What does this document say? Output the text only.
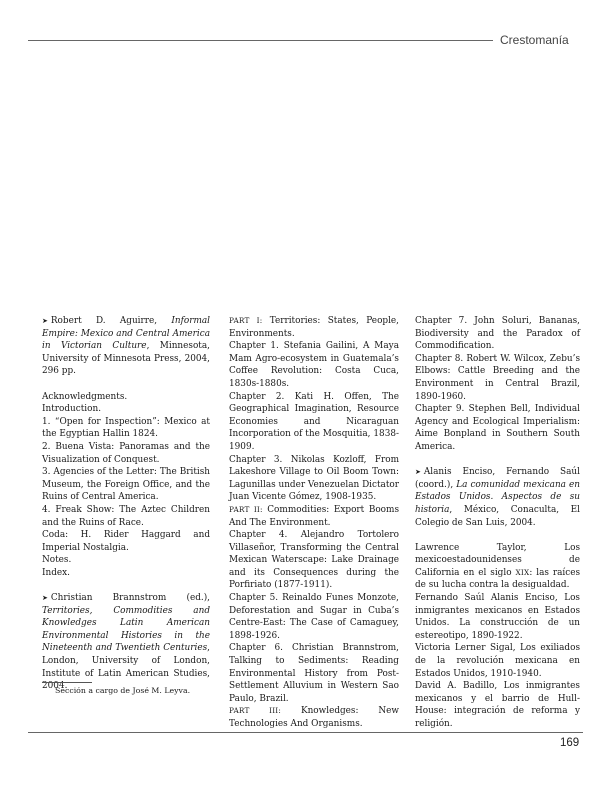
Crestomanía

➤ Robert D. Aguirre, Informal Empire: Mexico and Central America in Victorian Culture, Minnesota, University of Minnesota Press, 2004, 296 pp.

Acknowledgments.

Introduction.

1. “Open for Inspection”: Mexico at the Egyptian Hallin 1824.

2. Buena Vista: Panoramas and the Visualization of Conquest.

3. Agencies of the Letter: The British Museum, the Foreign Office, and the Ruins of Central America.

4. Freak Show: The Aztec Children and the Ruins of Race.

Coda: H. Rider Haggard and Imperial Nostalgia.

Notes.

Index.

➤ Christian Brannstrom (ed.), Territories, Commodities and Knowledges Latin American Environmental Histories in the Nineteenth and Twentieth Centuries, London, University of London, Institute of Latin American Studies, 2004.

PART I: Territories: States, People, Environments.

Chapter 1. Stefania Gailini, A Maya Mam Agro-ecosystem in Guatemala’s Coffee Revolution: Costa Cuca, 1830s-1880s.

Chapter 2. Kati H. Offen, The Geographical Imagination, Resource Economies and Nicaraguan Incorporation of the Mosquitia, 1838-1909.

Chapter 3. Nikolas Kozloff, From Lakeshore Village to Oil Boom Town: Lagunillas under Venezuelan Dictator Juan Vicente Gómez, 1908-1935.

PART II: Commodities: Export Booms And The Environment.

Chapter 4. Alejandro Tortolero Villaseñor, Transforming the Central Mexican Waterscape: Lake Drainage and its Consequences during the Porfiriato (1877-1911).

Chapter 5. Reinaldo Funes Monzote, Deforestation and Sugar in Cuba’s Centre-East: The Case of Camaguey, 1898-1926.

Chapter 6. Christian Brannstrom, Talking to Sediments: Reading Environmental History from Post-Settlement Alluvium in Western Sao Paulo, Brazil.

PART III: Knowledges: New Technologies And Organisms.

Chapter 7. John Soluri, Bananas, Biodiversity and the Paradox of Commodification.

Chapter 8. Robert W. Wilcox, Zebu’s Elbows: Cattle Breeding and the Environment in Central Brazil, 1890-1960.

Chapter 9. Stephen Bell, Individual Agency and Ecological Imperialism: Aime Bonpland in Southern South America.

➤ Alanis Enciso, Fernando Saúl (coord.), La comunidad mexicana en Estados Unidos. Aspectos de su historia, México, Conaculta, El Colegio de San Luis, 2004.

Lawrence Taylor, Los mexicoestadounidenses de California en el siglo XIX: las raíces de su lucha contra la desigualdad.

Fernando Saúl Alanis Enciso, Los inmigrantes mexicanos en Estados Unidos. La construcción de un estereotipo, 1890-1922.

Victoria Lerner Sigal, Los exiliados de la revolución mexicana en Estados Unidos, 1910-1940.

David A. Badillo, Los inmigrantes mexicanos y el barrio de Hull-House: integración de reforma y religión.

Sección a cargo de José M. Leyva.
169
